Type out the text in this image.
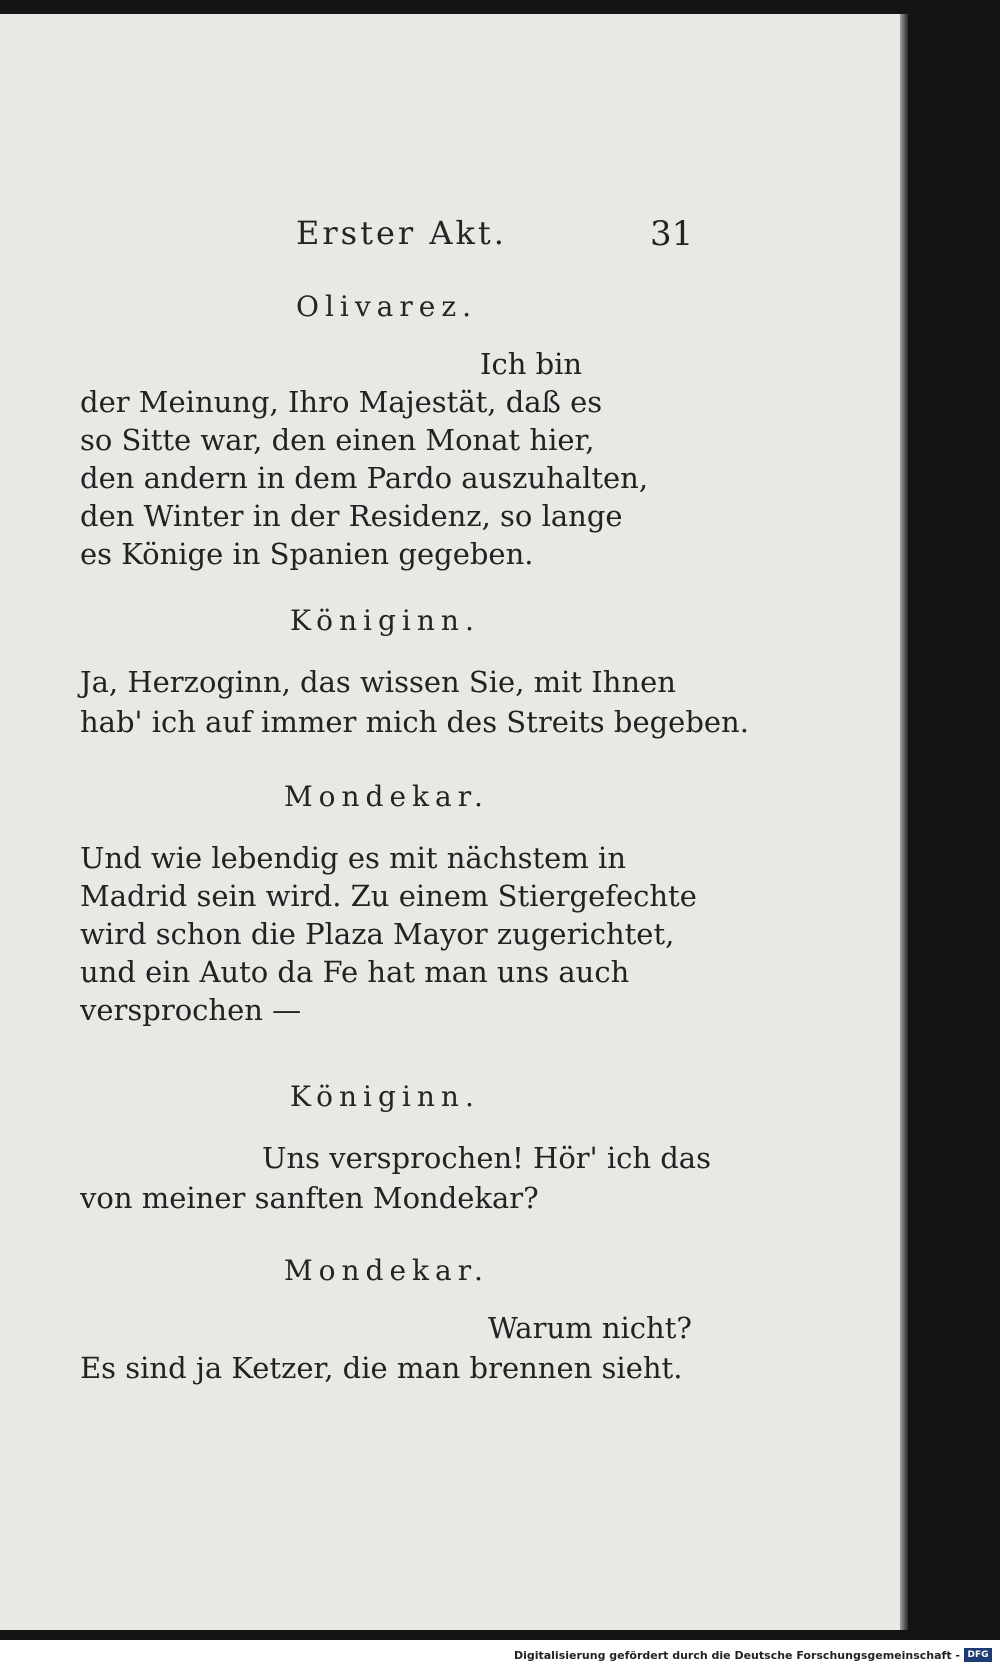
Erster Akt.	31
Olivarez.
Ich bin
der Meinung, Ihro Majestät, daß es
so Sitte war, den einen Monat hier,
den andern in dem Pardo auszuhalten,
den Winter in der Residenz, so lange
es Könige in Spanien gegeben.
Königinn.
Ja, Herzoginn, das wissen Sie, mit Ihnen
hab' ich auf immer mich des Streits begeben.
Mondekar.
Und wie lebendig es mit nächstem in
Madrid sein wird. Zu einem Stiergefechte
wird schon die Plaza Mayor zugerichtet,
und ein Auto da Fe hat man uns auch
versprochen —
Königinn.
Uns versprochen! Hör' ich das
von meiner sanften Mondekar?
Mondekar.
Warum nicht?
Es sind ja Ketzer, die man brennen sieht.
Digitalisierung gefördert durch die Deutsche Forschungsgemeinschaft - DFG
